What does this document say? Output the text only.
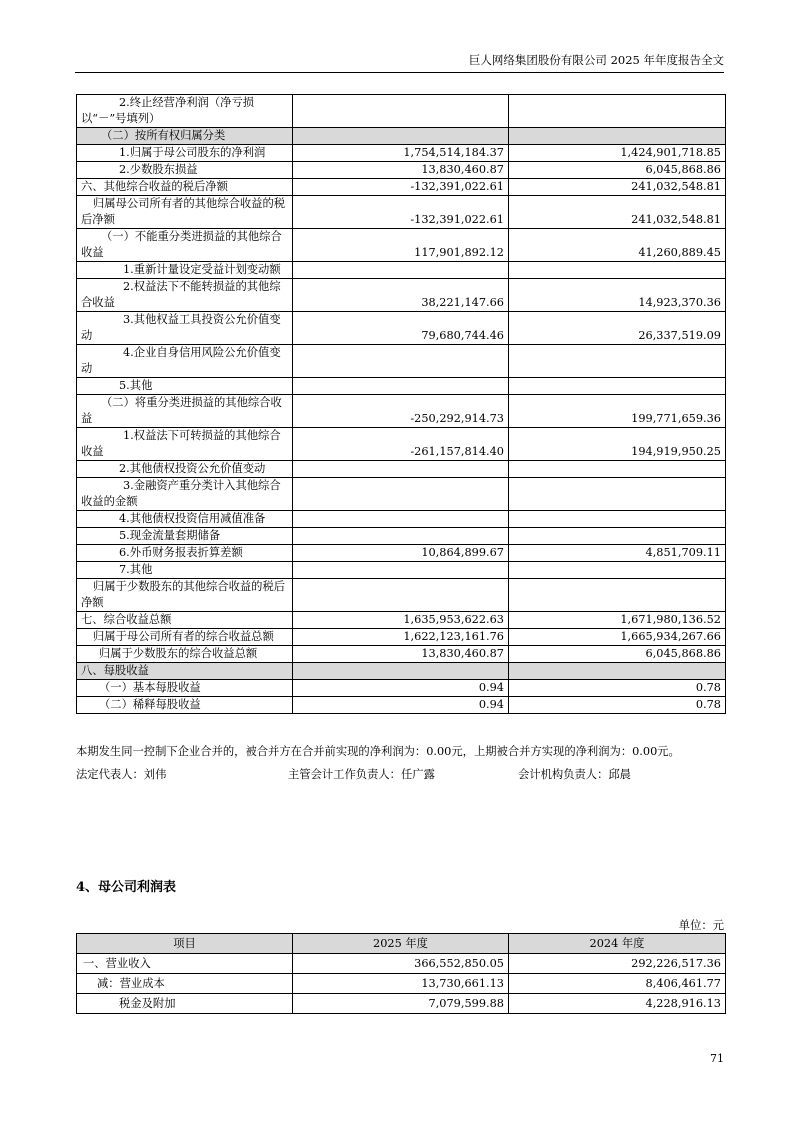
巨人网络集团股份有限公司 2025 年年度报告全文
2.终止经营净利润（净亏损以“－”号填列）		
（二）按所有权归属分类		
1.归属于母公司股东的净利润	1,754,514,184.37	1,424,901,718.85
2.少数股东损益	13,830,460.87	6,045,868.86
六、其他综合收益的税后净额	-132,391,022.61	241,032,548.81
归属母公司所有者的其他综合收益的税后净额	-132,391,022.61	241,032,548.81
（一）不能重分类进损益的其他综合收益	117,901,892.12	41,260,889.45
1.重新计量设定受益计划变动额		
2.权益法下不能转损益的其他综合收益	38,221,147.66	14,923,370.36
3.其他权益工具投资公允价值变动	79,680,744.46	26,337,519.09
4.企业自身信用风险公允价值变动		
5.其他		
（二）将重分类进损益的其他综合收益	-250,292,914.73	199,771,659.36
1.权益法下可转损益的其他综合收益	-261,157,814.40	194,919,950.25
2.其他债权投资公允价值变动		
3.金融资产重分类计入其他综合收益的金额		
4.其他债权投资信用减值准备		
5.现金流量套期储备		
6.外币财务报表折算差额	10,864,899.67	4,851,709.11
7.其他		
归属于少数股东的其他综合收益的税后净额		
七、综合收益总额	1,635,953,622.63	1,671,980,136.52
归属于母公司所有者的综合收益总额	1,622,123,161.76	1,665,934,267.66
归属于少数股东的综合收益总额	13,830,460.87	6,045,868.86
八、每股收益		
（一）基本每股收益	0.94	0.78
（二）稀释每股收益	0.94	0.78
本期发生同一控制下企业合并的，被合并方在合并前实现的净利润为：0.00元，上期被合并方实现的净利润为：0.00元。
法定代表人：刘伟	主管会计工作负责人：任广露	会计机构负责人：邱晨
4、母公司利润表
单位：元
项目	2025 年度	2024 年度
一、营业收入	366,552,850.05	292,226,517.36
减：营业成本	13,730,661.13	8,406,461.77
税金及附加	7,079,599.88	4,228,916.13
71
